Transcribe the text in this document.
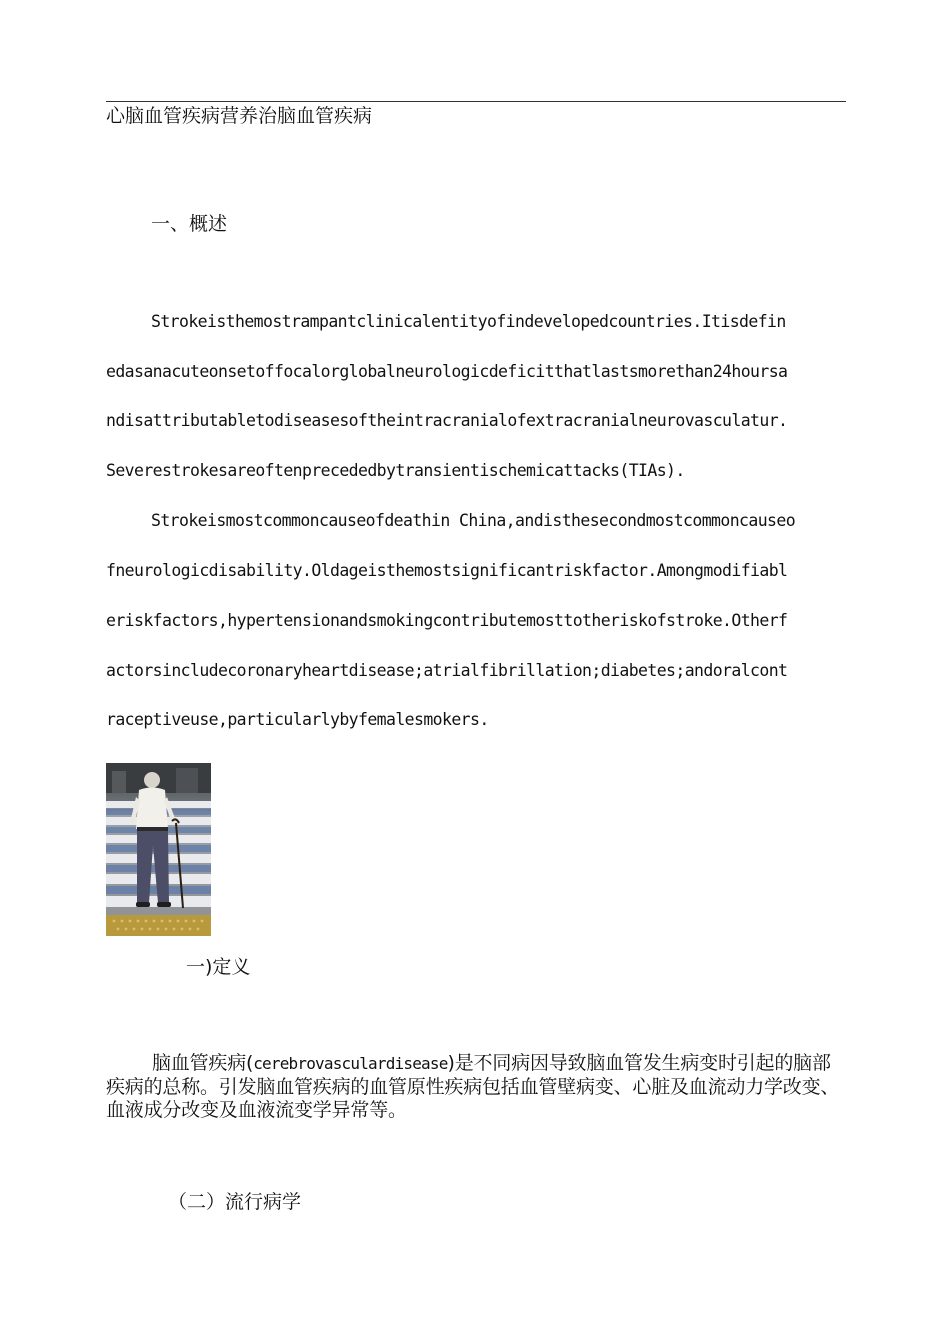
心脑血管疾病营养治脑血管疾病
一、概述
Strokeisthemostrampantclinicalentityofindevelopedcountries.Itisdefin
edasanacuteonsetoffocalorglobalneurologicdeficitthatlastsmorethan24hoursa
ndisattributabletodiseasesoftheintracranialofextracranialneurovasculatur.
Severestrokesareoftenprecededbytransientischemicattacks(TIAs).
Strokeismostcommoncauseofdeathin China,andisthesecondmostcommoncauseo
fneurologicdisability.Oldageisthemostsignificantriskfactor.Amongmodifiabl
eriskfactors,hypertensionandsmokingcontributemosttotheriskofstroke.Otherf
actorsincludecoronaryheartdisease;atrialfibrillation;diabetes;andoralcont
raceptiveuse,particularlybyfemalesmokers.
一)定义
脑血管疾病(cerebrovasculardisease)是不同病因导致脑血管发生病变时引起的脑部疾病的总称。引发脑血管疾病的血管原性疾病包括血管壁病变、心脏及血流动力学改变、血液成分改变及血液流变学异常等。
（二）流行病学
